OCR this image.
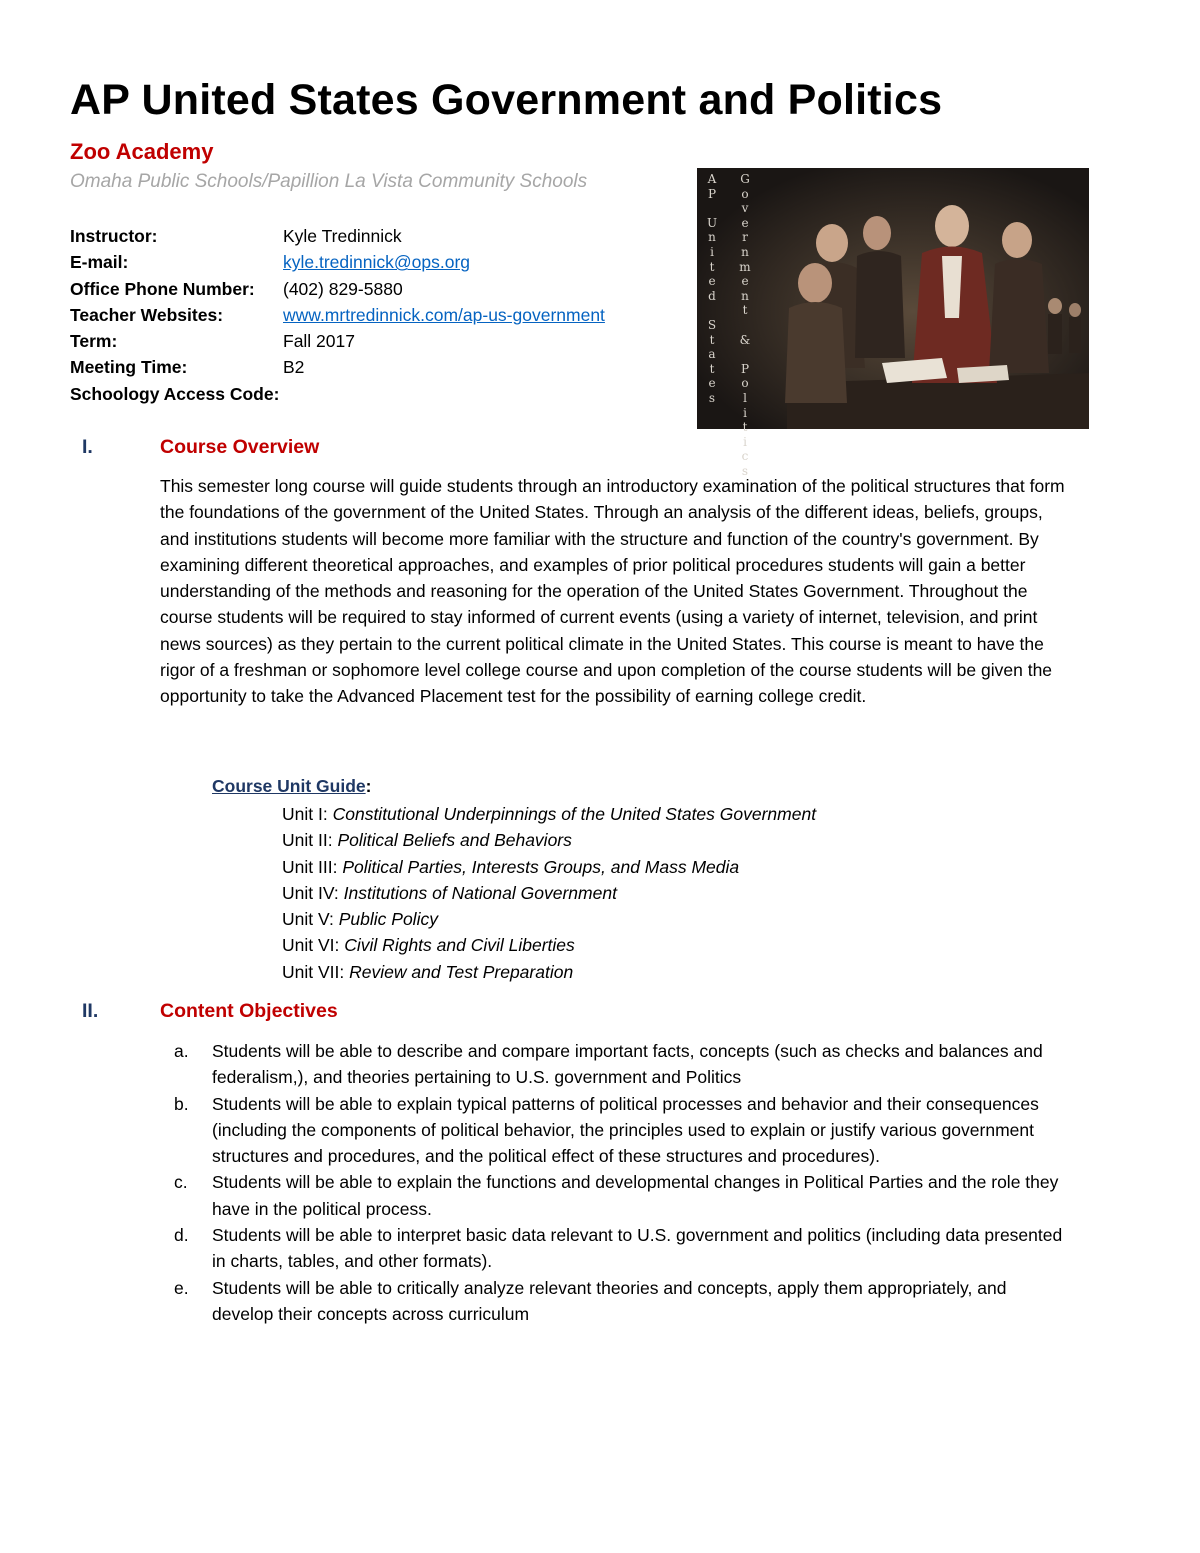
AP United States Government and Politics
Zoo Academy
Omaha Public Schools/Papillion La Vista Community Schools
Instructor:	Kyle Tredinnick
E-mail:	kyle.tredinnick@ops.org
Office Phone Number: (402) 829-5880
Teacher Websites:	www.mrtredinnick.com/ap-us-government
Term:	Fall 2017
Meeting Time:	B2
Schoology Access Code:
A
P

U
n
i
t
e
d

S
t
a
t
e
s
G
o
v
e
r
n
m
e
n
t

&

P
o
l
i
t
i
c
s
I.	Course Overview

This semester long course will guide students through an introductory examination of the political structures that form the foundations of the government of the United States. Through an analysis of the different ideas, beliefs, groups, and institutions students will become more familiar with the structure and function of the country's government. By examining different theoretical approaches, and examples of prior political procedures students will gain a better understanding of the methods and reasoning for the operation of the United States Government. Throughout the course students will be required to stay informed of current events (using a variety of internet, television, and print news sources) as they pertain to the current political climate in the United States. This course is meant to have the rigor of a freshman or sophomore level college course and upon completion of the course students will be given the opportunity to take the Advanced Placement test for the possibility of earning college credit.

Course Unit Guide:
Unit I: Constitutional Underpinnings of the United States Government
Unit II: Political Beliefs and Behaviors
Unit III: Political Parties, Interests Groups, and Mass Media
Unit IV: Institutions of National Government
Unit V: Public Policy
Unit VI: Civil Rights and Civil Liberties
Unit VII: Review and Test Preparation
II.	Content Objectives
a.	Students will be able to describe and compare important facts, concepts (such as checks and balances and federalism,), and theories pertaining to U.S. government and Politics
b.	Students will be able to explain typical patterns of political processes and behavior and their consequences (including the components of political behavior, the principles used to explain or justify various government structures and procedures, and the political effect of these structures and procedures).
c.	Students will be able to explain the functions and developmental changes in Political Parties and the role they have in the political process.
d.	Students will be able to interpret basic data relevant to U.S. government and politics (including data presented in charts, tables, and other formats).
e.	Students will be able to critically analyze relevant theories and concepts, apply them appropriately, and develop their concepts across curriculum
